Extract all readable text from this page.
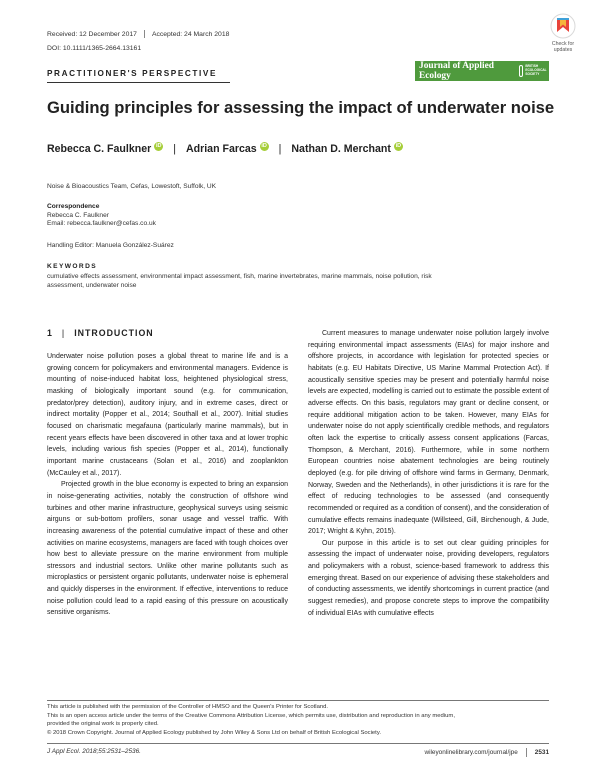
Received: 12 December 2017 Accepted: 24 March 2018
DOI: 10.1111/1365-2664.13161
Check for updates
PRACTITIONER'S PERSPECTIVE
Journal of Applied Ecology
BRITISH ECOLOGICAL SOCIETY
Guiding principles for assessing the impact of underwater noise
Rebecca C. Faulkner iD | Adrian Farcas iD | Nathan D. Merchant iD
Noise & Bioacoustics Team, Cefas, Lowestoft, Suffolk, UK
Correspondence
Rebecca C. Faulkner
Email: rebecca.faulkner@cefas.co.uk
Handling Editor: Manuela González-Suárez
KEYWORDS
cumulative effects assessment, environmental impact assessment, fish, marine invertebrates, marine mammals, noise pollution, risk
assessment, underwater noise
1 | INTRODUCTION

Underwater noise pollution poses a global threat to marine life and is a growing concern for policymakers and environmental managers. Evidence is mounting of noise-induced habitat loss, heightened physiological stress, masking of biologically important sound (e.g. for communication, predator/prey detection), auditory injury, and in extreme cases, direct or indirect mortality (Popper et al., 2014; Southall et al., 2007). Initial studies focused on charismatic megafauna (particularly marine mammals), but in recent years effects have been discovered in other taxa and at lower trophic levels, including various fish species (Popper et al., 2014), functionally important marine crustaceans (Solan et al., 2016) and zooplankton (McCauley et al., 2017).

Projected growth in the blue economy is expected to bring an expansion in noise-generating activities, notably the construction of offshore wind turbines and other marine infrastructure, geophysical surveys using seismic airguns or sub-bottom profilers, sonar usage and vessel traffic. With increasing awareness of the potential cumulative impact of these and other activities on marine ecosystems, managers are faced with tough choices over how best to alleviate pressure on the marine environment from multiple stressors and industrial sectors. Unlike other marine pollutants such as microplastics or persistent organic pollutants, underwater noise is ephemeral and quickly disperses in the environment. If effective, interventions to reduce noise pollution could lead to a rapid easing of this pressure on acoustically sensitive organisms.

Current measures to manage underwater noise pollution largely involve requiring environmental impact assessments (EIAs) for major inshore and offshore projects, in accordance with legislation for protected species or habitats (e.g. EU Habitats Directive, US Marine Mammal Protection Act). If acoustically sensitive species may be present and potentially harmful noise levels are expected, modelling is carried out to estimate the possible extent of adverse effects. On this basis, regulators may grant or decline consent, or require additional mitigation action to be taken. However, many EIAs for underwater noise do not apply scientifically credible methods, and regulators often lack the expertise to critically assess consent applications (Farcas, Thompson, & Merchant, 2016). Furthermore, while in some northern European countries noise abatement technologies are being routinely deployed (e.g. for pile driving of offshore wind farms in Germany, Denmark, Norway, Sweden and the Netherlands), in other jurisdictions it is rare for the effect of reducing technologies to be assessed (and consequently recommended or required as a condition of consent), and the consideration of cumulative effects remains inadequate (Willsteed, Gill, Birchenough, & Jude, 2017; Wright & Kyhn, 2015).

Our purpose in this article is to set out clear guiding principles for assessing the impact of underwater noise, providing developers, regulators and policymakers with a robust, science-based framework to address this emerging threat. Based on our experience of advising these stakeholders and of conducting assessments, we identify shortcomings in current practice (and suggest remedies), and propose concrete steps to improve the compatibility of individual EIAs with cumulative effects

This article is published with the permission of the Controller of HMSO and the Queen's Printer for Scotland.
This is an open access article under the terms of the Creative Commons Attribution License, which permits use, distribution and reproduction in any medium,
provided the original work is properly cited.
© 2018 Crown Copyright. Journal of Applied Ecology published by John Wiley & Sons Ltd on behalf of British Ecological Society.
J Appl Ecol. 2018;55:2531–2536.	wileyonlinelibrary.com/journal/jpe	2531
